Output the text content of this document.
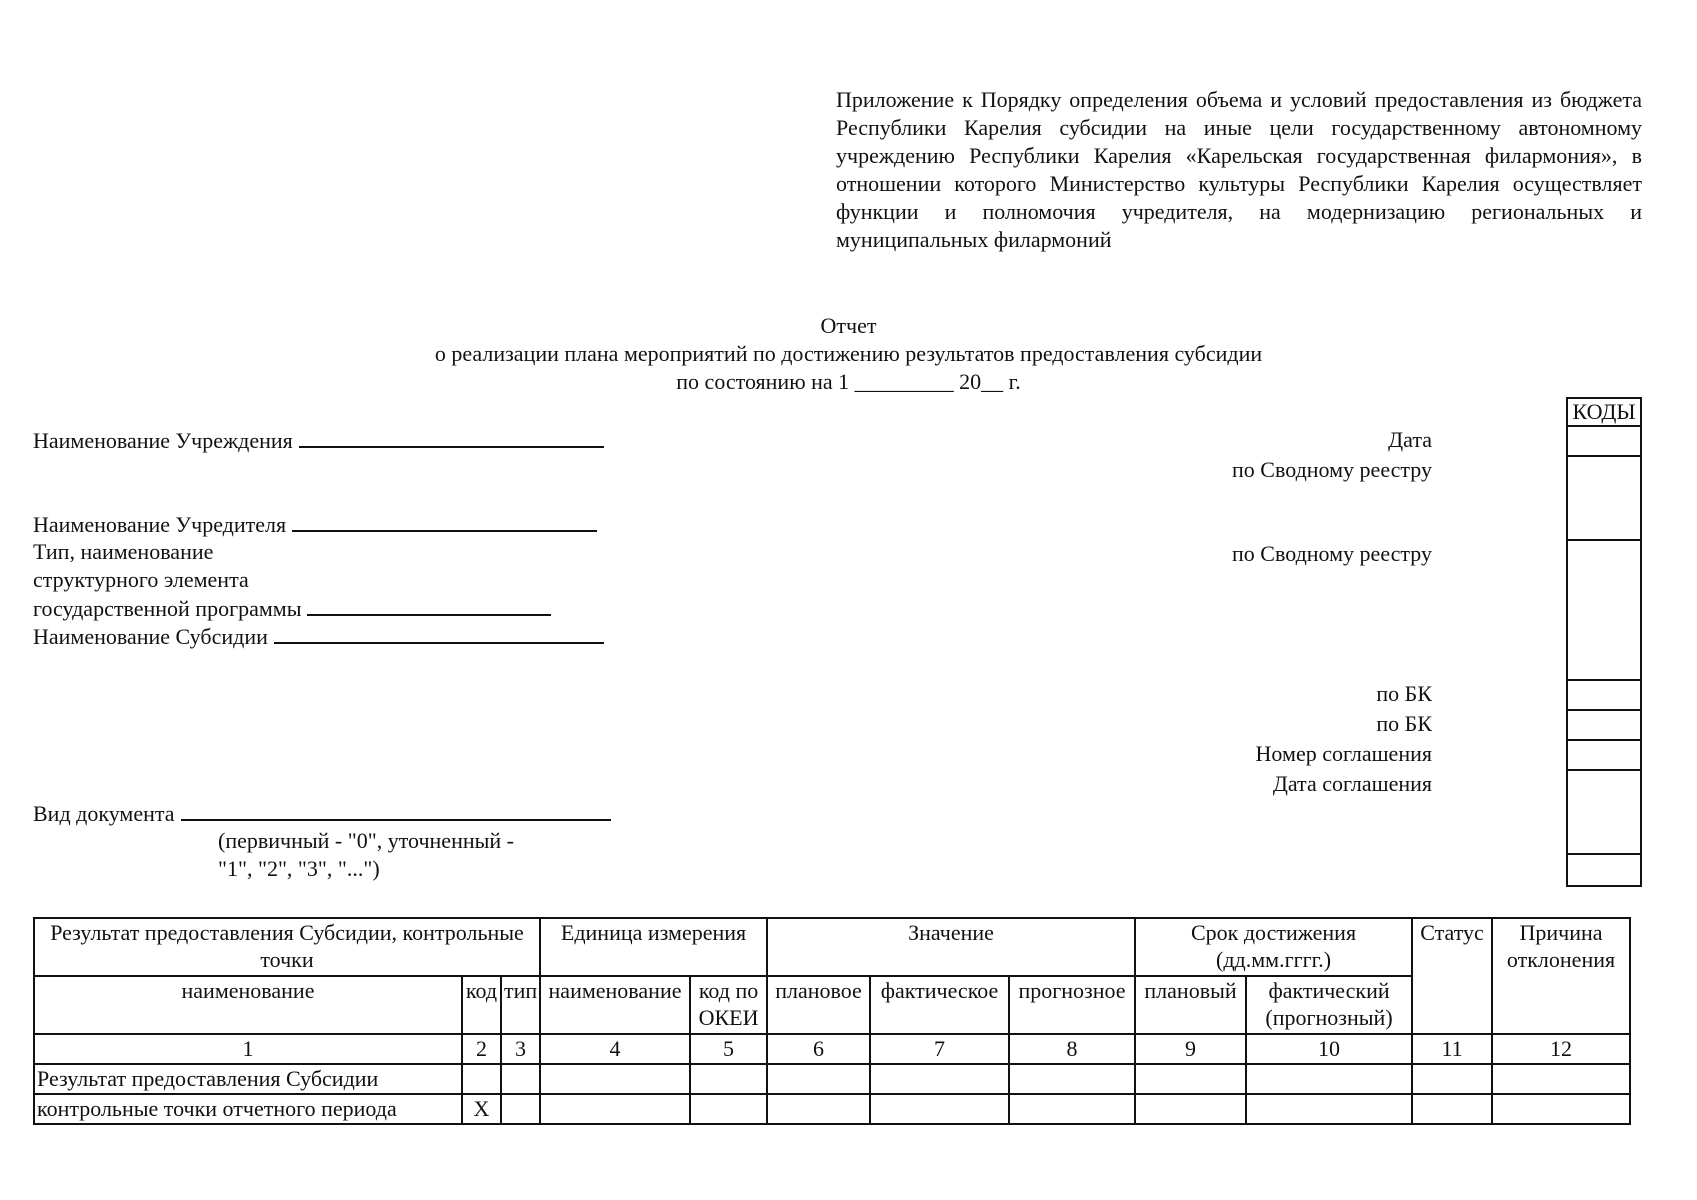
Приложение к Порядку определения объема и условий предоставления из бюджета Республики Карелия субсидии на иные цели государственному автономному учреждению Республики Карелия «Карельская государственная филармония», в отношении которого Министерство культуры Республики Карелия осуществляет функции и полномочия учредителя, на модернизацию региональных и муниципальных филармоний
Отчет
о реализации плана мероприятий по достижению результатов предоставления субсидии
по состоянию на 1 _________ 20__ г.
Наименование Учреждения
Наименование Учредителя
Тип, наименование
структурного элемента
государственной программы
Наименование Субсидии
Вид документа
(первичный - "0", уточненный -
"1", "2", "3", "...")
Дата
по Сводному реестру
по Сводному реестру
по БК
по БК
Номер соглашения
Дата соглашения
КОДЫ
Результат предоставления Субсидии, контрольные точки			Единица измерения		Значение			Срок достижения (дд.мм.гггг.)		Статус	Причина отклонения
наименование	код	тип	наименование	код по ОКЕИ	плановое	фактическое	прогнозное	плановый	фактический (прогнозный)		
1	2	3	4	5	6	7	8	9	10	11	12
Результат предоставления Субсидии											
контрольные точки отчетного периода	X										
